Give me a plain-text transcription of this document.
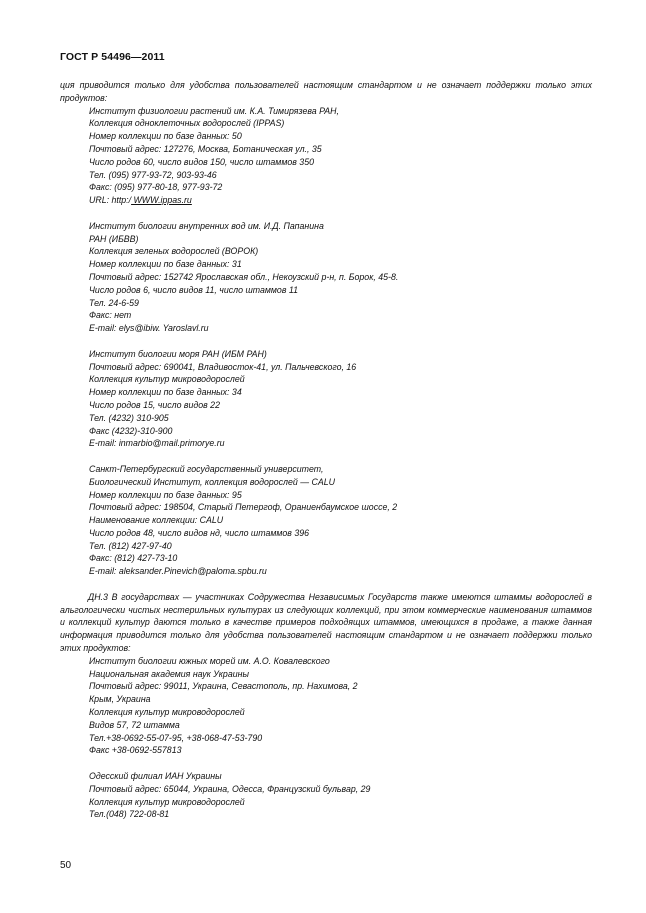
ГОСТ Р 54496—2011
ция приводится только для удобства пользователей настоящим стандартом и не означает поддержки только этих продуктов:
Институт физиологии растений им. К.А. Тимирязева РАН,
Коллекция одноклеточных водорослей (IPPAS)
Номер коллекции по базе данных: 50
Почтовый адрес: 127276, Москва, Ботаническая ул., 35
Число родов 60, число видов 150, число штаммов 350
Тел. (095) 977-93-72, 903-93-46
Факс: (095) 977-80-18, 977-93-72
URL: http:/ WWW.ippas.ru
Институт биологии внутренних вод им. И.Д. Папанина
РАН (ИБВВ)
Коллекция зеленых водорослей (ВОРОК)
Номер коллекции по базе данных: 31
Почтовый адрес: 152742 Ярославская обл., Некоузский р-н, п. Борок, 45-8.
Число родов 6, число видов 11, число штаммов 11
Тел. 24-6-59
Факс: нет
E-mail: elys@ibiw. Yaroslavl.ru
Институт биологии моря РАН (ИБМ РАН)
Почтовый адрес: 690041, Владивосток-41, ул. Пальчевского, 16
Коллекция культур микроводорослей
Номер коллекции по базе данных: 34
Число родов 15, число видов 22
Тел. (4232) 310-905
Факс (4232)-310-900
E-mail: inmarbio@mail.primorye.ru
Санкт-Петербургский государственный университет,
Биологический Институт, коллекция водорослей — CALU
Номер коллекции по базе данных: 95
Почтовый адрес: 198504, Старый Петергоф, Ораниенбаумское шоссе, 2
Наименование коллекции: CALU
Число родов 48, число видов нд, число штаммов 396
Тел. (812) 427-97-40
Факс: (812) 427-73-10
E-mail: aleksander.Pinevich@paloma.spbu.ru
ДН.3 В государствах — участниках Содружества Независимых Государств также имеются штаммы водорослей в альгологически чистых нестерильных культурах из следующих коллекций, при этом коммерческие наименования штаммов и коллекций культур даются только в качестве примеров подходящих штаммов, имеющихся в продаже, а также данная информация приводится только для удобства пользователей настоящим стандартом и не означает поддержки только этих продуктов:
Институт биологии южных морей им. А.О. Ковалевского
Национальная академия наук Украины
Почтовый адрес: 99011, Украина, Севастополь, пр. Нахимова, 2
Крым, Украина
Коллекция культур микроводорослей
Видов 57, 72 штамма
Тел.+38-0692-55-07-95, +38-068-47-53-790
Факс +38-0692-557813
Одесский филиал ИАН Украины
Почтовый адрес: 65044, Украина, Одесса, Французский бульвар, 29
Коллекция культур микроводорослей
Тел.(048) 722-08-81
50
